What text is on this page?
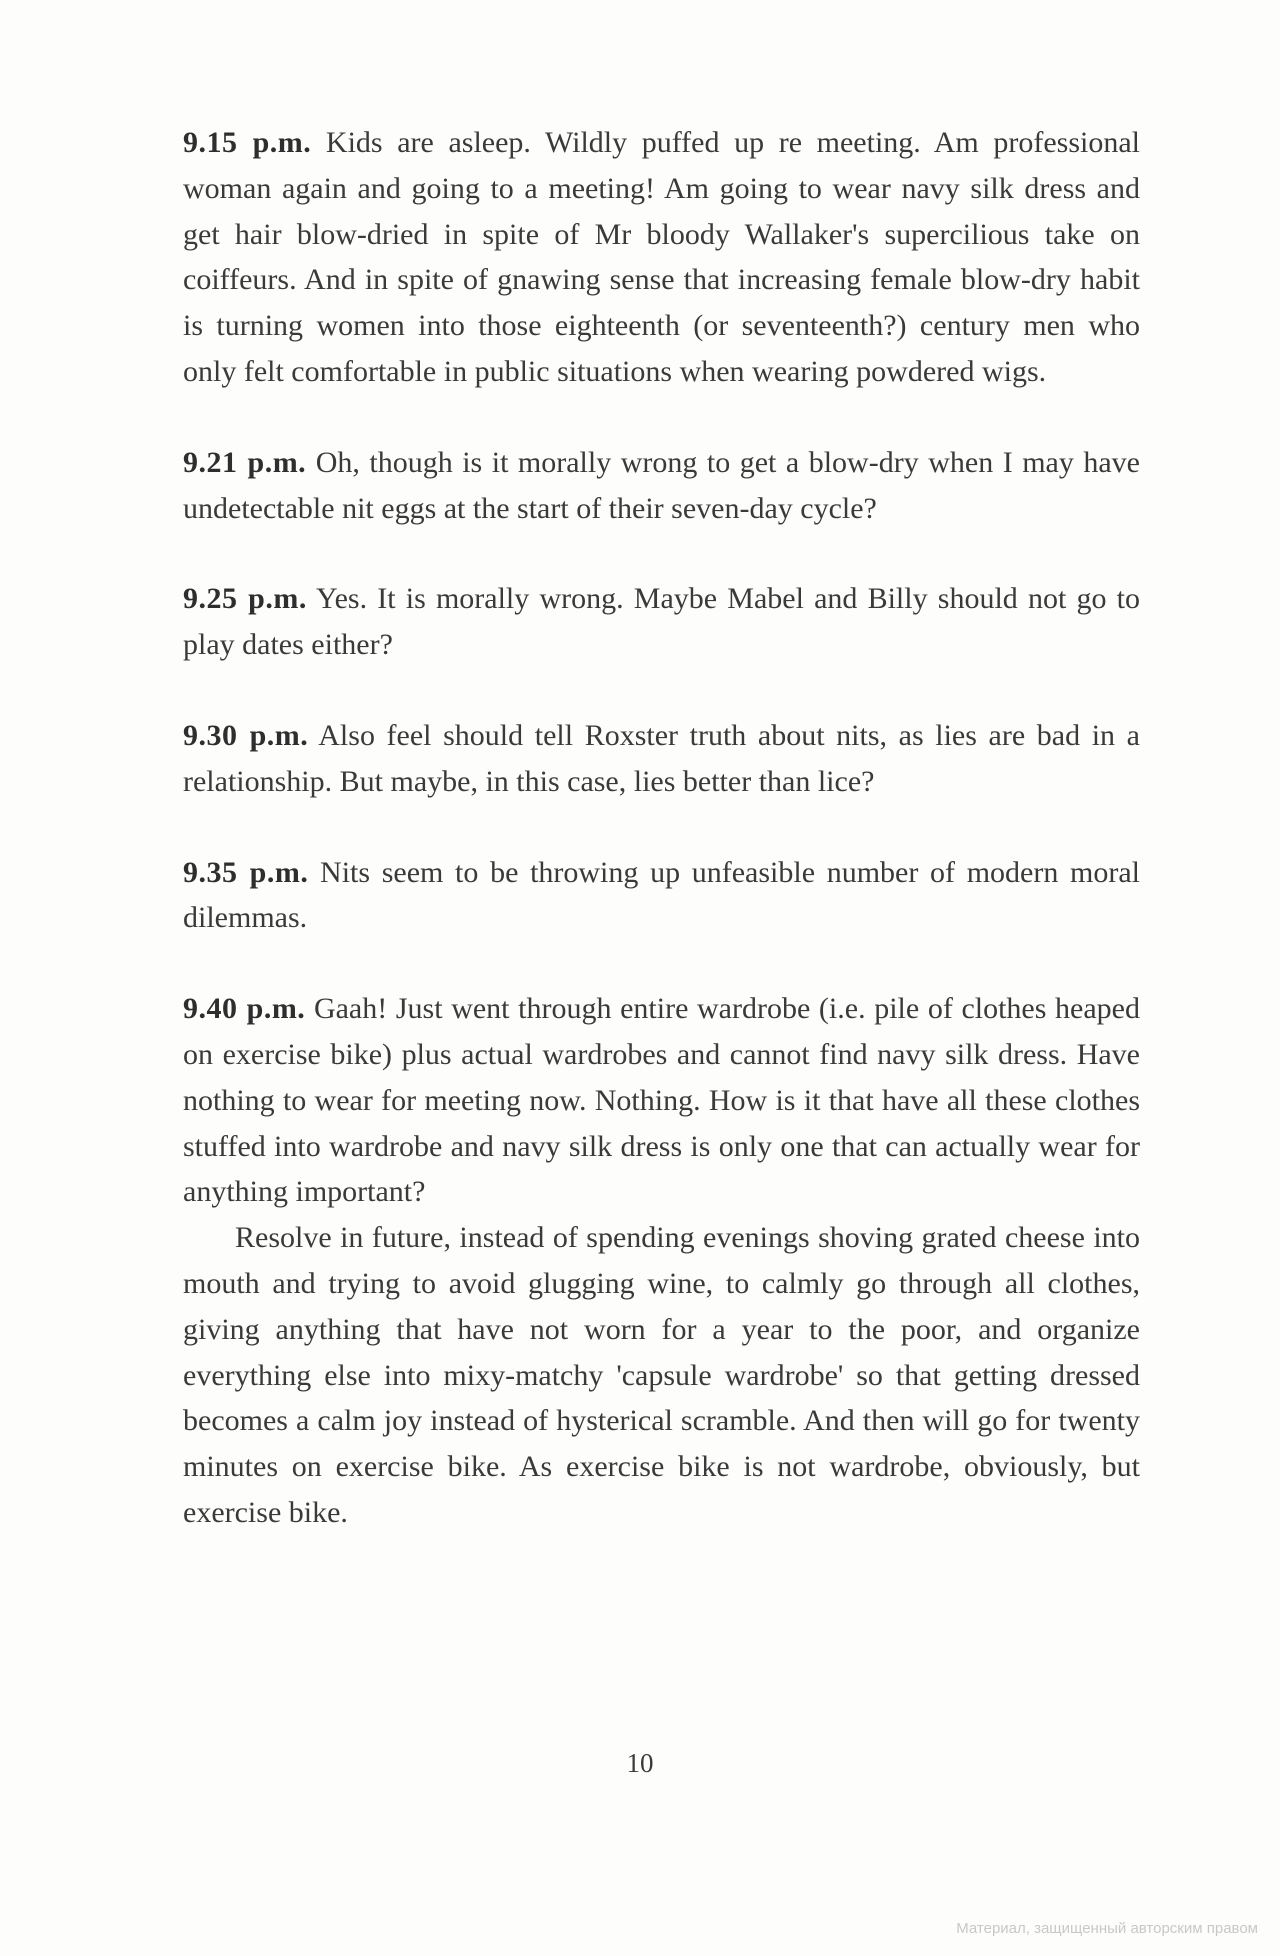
9.15 p.m. Kids are asleep. Wildly puffed up re meeting. Am professional woman again and going to a meeting! Am going to wear navy silk dress and get hair blow-dried in spite of Mr bloody Wallaker's supercilious take on coiffeurs. And in spite of gnawing sense that increasing female blow-dry habit is turning women into those eighteenth (or seventeenth?) century men who only felt comfortable in public situations when wearing powdered wigs.

9.21 p.m. Oh, though is it morally wrong to get a blow-dry when I may have undetectable nit eggs at the start of their seven-day cycle?

9.25 p.m. Yes. It is morally wrong. Maybe Mabel and Billy should not go to play dates either?

9.30 p.m. Also feel should tell Roxster truth about nits, as lies are bad in a relationship. But maybe, in this case, lies better than lice?

9.35 p.m. Nits seem to be throwing up unfeasible number of modern moral dilemmas.

9.40 p.m. Gaah! Just went through entire wardrobe (i.e. pile of clothes heaped on exercise bike) plus actual wardrobes and cannot find navy silk dress. Have nothing to wear for meeting now. Nothing. How is it that have all these clothes stuffed into wardrobe and navy silk dress is only one that can actually wear for anything important?

Resolve in future, instead of spending evenings shoving grated cheese into mouth and trying to avoid glugging wine, to calmly go through all clothes, giving anything that have not worn for a year to the poor, and organize everything else into mixy-matchy 'capsule wardrobe' so that getting dressed becomes a calm joy instead of hysterical scramble. And then will go for twenty minutes on exercise bike. As exercise bike is not wardrobe, obviously, but exercise bike.

10
Материал, защищенный авторским правом
